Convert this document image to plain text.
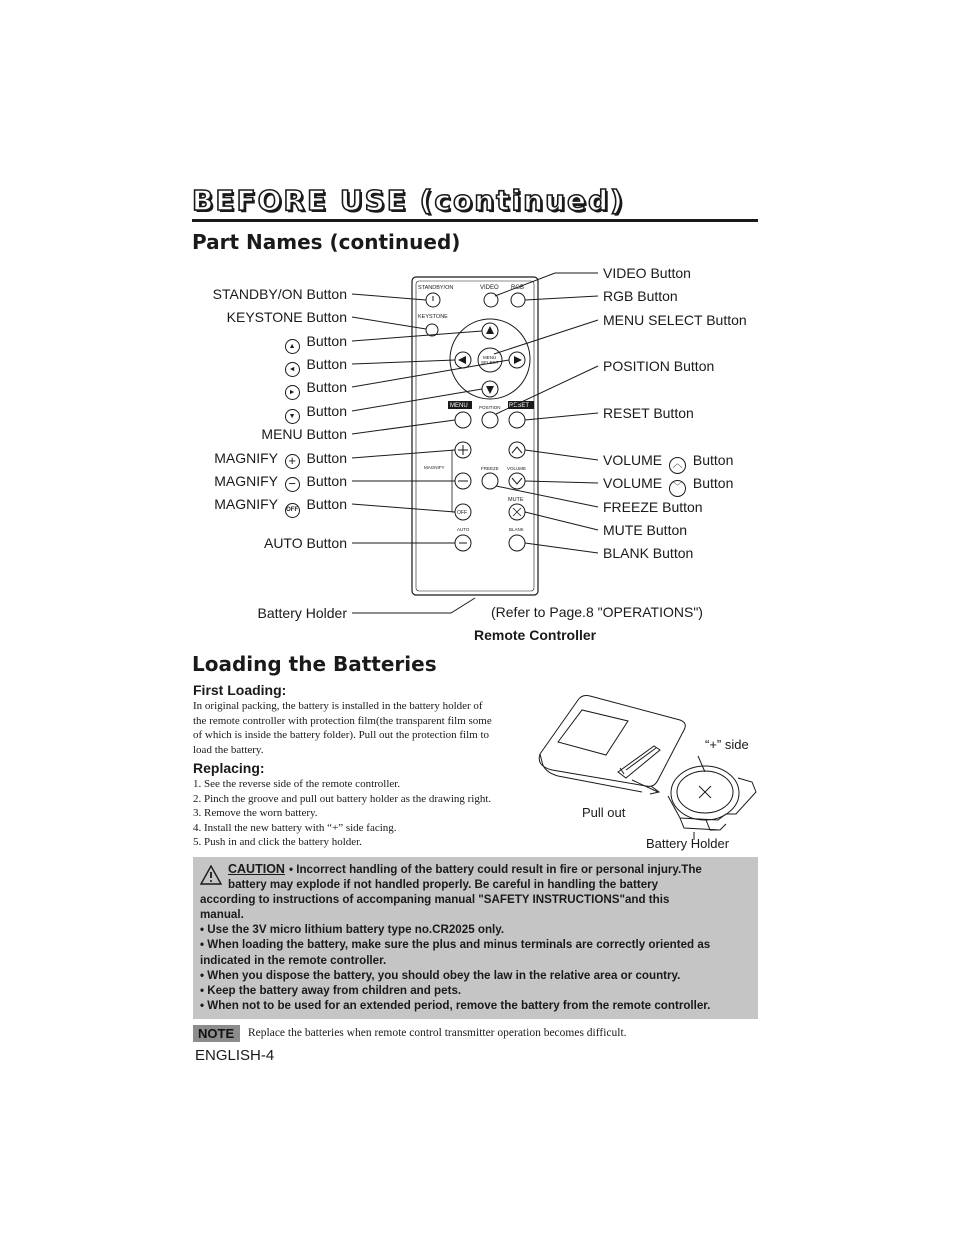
BEFORE USE (continued)
Part Names (continued)
STANDBY/ON	VIDEO RGB
KEYSTONE
MENU
SELECT
MENU	POSITION RESET
MAGNIFY	FREEZE VOLUME
MUTE
OFF
AUTO	BLANK
STANDBY/ON Button
KEYSTONE Button
▲ Button
◄ Button
► Button
▼ Button
MENU Button
MAGNIFY + Button
MAGNIFY − Button
MAGNIFY OFF Button
AUTO Button
Battery Holder
VIDEO Button
RGB Button
MENU SELECT Button
POSITION Button
RESET Button
VOLUME ︿ Button
VOLUME ﹀ Button
FREEZE Button
MUTE Button
BLANK Button
(Refer to Page.8 "OPERATIONS")
Remote Controller
Loading the Batteries
First Loading:

In original packing, the battery is installed in the battery holder of

the remote controller with protection film(the transparent film some

of which is inside the battery folder). Pull out the protection film to

load the battery.

Replacing:

1. See the reverse side of the remote controller.

2. Pinch the groove and pull out battery holder as the drawing right.

3. Remove the worn battery.

4. Install the new battery with “+” side facing.

5. Push in and click the battery holder.

“+” side
Pull out
Battery Holder
CAUTION • Incorrect handling of the battery could result in fire or personal injury.The
battery may explode if not handled properly. Be careful in handling the battery
according to instructions of accompaning manual "SAFETY INSTRUCTIONS"and this
manual.
• Use the 3V micro lithium battery type no.CR2025 only.
• When loading the battery, make sure the plus and minus terminals are correctly oriented as
indicated in the remote controller.
• When you dispose the battery, you should obey the law in the relative area or country.
• Keep the battery away from children and pets.
• When not to be used for an extended period, remove the battery from the remote controller.
NOTE	Replace the batteries when remote control transmitter operation becomes difficult.
ENGLISH-4
